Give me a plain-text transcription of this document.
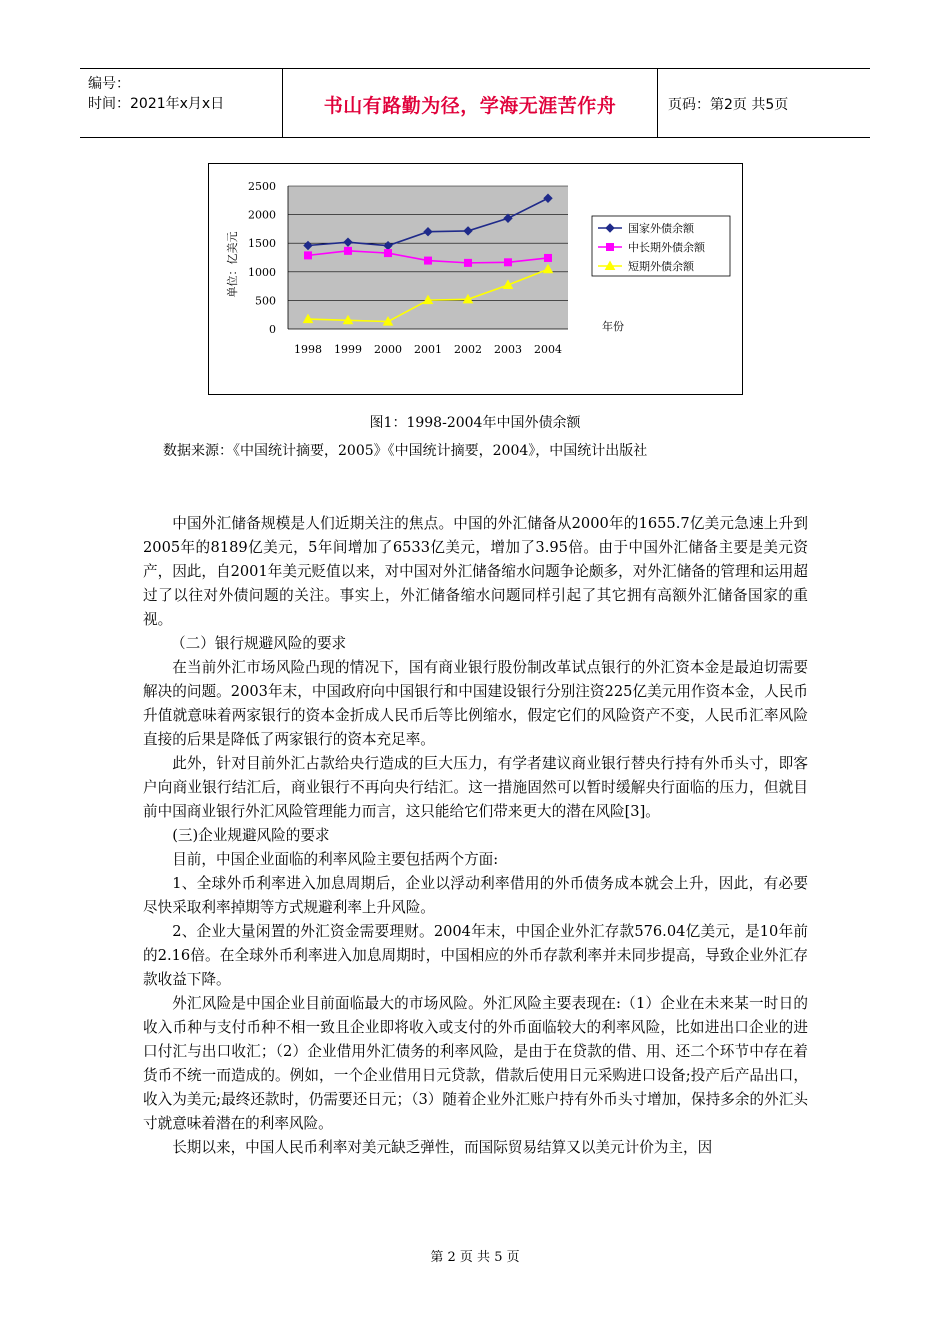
编号：
时间：2021年x月x日	书山有路勤为径，学海无涯苦作舟	页码：第2页 共5页
0
500
1000
1500
2000
2500
1998 1999 2000 2001 2002 2003 2004
单位：亿美元
年份
国家外债余额
中长期外债余额
短期外债余额
图1：1998-2004年中国外债余额
数据来源：《中国统计摘要，2005》《中国统计摘要，2004》，中国统计出版社

中国外汇储备规模是人们近期关注的焦点。中国的外汇储备从2000年的1655.7亿美元急速上升到2005年的8189亿美元，5年间增加了6533亿美元，增加了3.95倍。由于中国外汇储备主要是美元资产，因此，自2001年美元贬值以来，对中国对外汇储备缩水问题争论颇多，对外汇储备的管理和运用超过了以往对外债问题的关注。事实上，外汇储备缩水问题同样引起了其它拥有高额外汇储备国家的重视。

（二）银行规避风险的要求

在当前外汇市场风险凸现的情况下，国有商业银行股份制改革试点银行的外汇资本金是最迫切需要解决的问题。2003年末，中国政府向中国银行和中国建设银行分别注资225亿美元用作资本金，人民币升值就意味着两家银行的资本金折成人民币后等比例缩水，假定它们的风险资产不变，人民币汇率风险直接的后果是降低了两家银行的资本充足率。

此外，针对目前外汇占款给央行造成的巨大压力，有学者建议商业银行替央行持有外币头寸，即客户向商业银行结汇后，商业银行不再向央行结汇。这一措施固然可以暂时缓解央行面临的压力，但就目前中国商业银行外汇风险管理能力而言，这只能给它们带来更大的潜在风险[3]。

(三)企业规避风险的要求

目前，中国企业面临的利率风险主要包括两个方面:

1、全球外币利率进入加息周期后，企业以浮动利率借用的外币债务成本就会上升，因此，有必要尽快采取利率掉期等方式规避利率上升风险。

2、企业大量闲置的外汇资金需要理财。2004年末，中国企业外汇存款576.04亿美元，是10年前的2.16倍。在全球外币利率进入加息周期时，中国相应的外币存款利率并未同步提高，导致企业外汇存款收益下降。

外汇风险是中国企业目前面临最大的市场风险。外汇风险主要表现在:（1）企业在未来某一时日的收入币种与支付币种不相一致且企业即将收入或支付的外币面临较大的利率风险，比如进出口企业的进口付汇与出口收汇；（2）企业借用外汇债务的利率风险，是由于在贷款的借、用、还二个环节中存在着货币不统一而造成的。例如，一个企业借用日元贷款，借款后使用日元采购进口设备;投产后产品出口，收入为美元;最终还款时，仍需要还日元；（3）随着企业外汇账户持有外币头寸增加，保持多余的外汇头寸就意味着潜在的利率风险。

长期以来，中国人民币利率对美元缺乏弹性，而国际贸易结算又以美元计价为主，因

第 2 页 共 5 页
